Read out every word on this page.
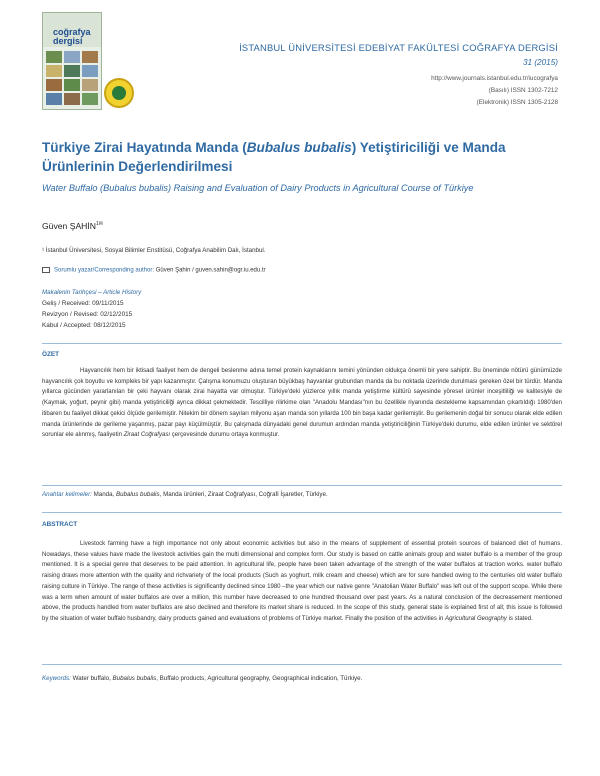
coğrafya
dergisi
İSTANBUL ÜNİVERSİTESİ EDEBİYAT FAKÜLTESİ COĞRAFYA DERGİSİ
31 (2015)
http://www.journals.istanbul.edu.tr/iucografya
(Basılı) ISSN 1302-7212
(Elektronik) ISSN 1305-2128
Türkiye Zirai Hayatında Manda (Bubalus bubalis) Yetiştiriciliği ve Manda Ürünlerinin Değerlendirilmesi
Water Buffalo (Bubalus bubalis) Raising and Evaluation of Dairy Products in Agricultural Course of Türkiye
Güven $ŞAHİN^{1✉}$
¹ İstanbul Üniversitesi, Sosyal Bilimler Enstitüsü, Coğrafya Anabilim Dalı, İstanbul.
Sorumlu yazar/Corresponding author: Güven Şahin / guven.sahin@ogr.iu.edu.tr
Makalenin Tarihçesi – Article History
Geliş / Received: 09/11/2015
Revizyon / Revised: 02/12/2015
Kabul / Accepted: 08/12/2015
ÖZET

Hayvancılık hem bir iktisadi faaliyet hem de dengeli beslenme adına temel protein kaynaklarını temini yönünden oldukça önemli bir yere sahiptir. Bu öneminde nötürü günümüzde hayvancılık çok boyutlu ve kompleks bir yapı kazanmıştır. Çalışma konumuzu oluşturan büyükbaş hayvanlar grubundan manda da bu noktada üzerinde durulması gereken özel bir türdür. Manda yıllarca gücünden yararlanılan bir çeki hayvanı olarak zirai hayatta var olmuştur. Türkiye'deki yüzlerce yıllık manda yetiştirme kültürü sayesinde yöresel ürünler inceşitliliği ve kalitesiyle de (Kaymak, yoğurt, peynir gibi) manda yetiştiriciliği ayrıca dikkat çekmektedir. Tescilliye rilirkime olan "Anadolu Mandası"nın bu özellikle riyanında destekleme kapsamından çıkartıldığı 1980'den itibaren bu faaliyet dikkat çekici ölçüde gerilemiştir. Nitekim bir dönem sayıları milyonu aşan manda son yıllarda 100 bin başa kadar gerilemiştir. Bu gerilemenin doğal bir sonucu olarak elde edilen manda ürünlerinde de gerileme yaşanmış, pazar payı küçülmüştür. Bu çalışmada dünyadaki genel durumun ardından manda yetiştiriciliğinin Türkiye'deki durumu, elde edilen ürünler ve sektörel sorunlar ele alınmış, faaliyetin Ziraat Coğrafyası çerçevesinde durumu ortaya konmuştur.

Anahtar kelimeler: Manda, Bubalus bubalis, Manda ürünleri, Ziraat Coğrafyası, Coğrafi İşaretler, Türkiye.
ABSTRACT

Livestock farming have a high importance not only about economic activities but also in the means of supplement of essential protein sources of balanced diet of humans. Nowadays, these values have made the livestock activities gain the multi dimensional and complex form. Our study is based on cattle animals group and water buffalo is a member of the group mentioned. It is a special genre that deserves to be paid attention. In agricultural life, people have been taken advantage of the strength of the water buffalos at traction works. water buffalo raising draws more attention with the quality and richvariety of the local products (Such as yoghurt, milk cream and cheese) which are for sure handled owing to the centuries old water buffalo raising culture in Türkiye. The range of these activities is significantly declined since 1980 –the year which our native genre "Anatolian Water Buffalo" was left out of the support scope. While there was a term when amount of water buffalos are over a million, this number have decreased to one hundred thousand over past years. As a natural conclusion of the decreasement mentioned above, the products handled from water buffalos are also declined and therefore its market share is reduced. In the scope of this study, general state is explained first of all; this issue is followed by the situation of water buffalo husbandry, dairy products gained and evaluations of problems of Türkiye market. Finally the position of the activities in Agricultural Geography is stated.

Keywords: Water buffalo, Bubalus bubalis, Buffalo products, Agricultural geography, Geographical indication, Türkiye.
